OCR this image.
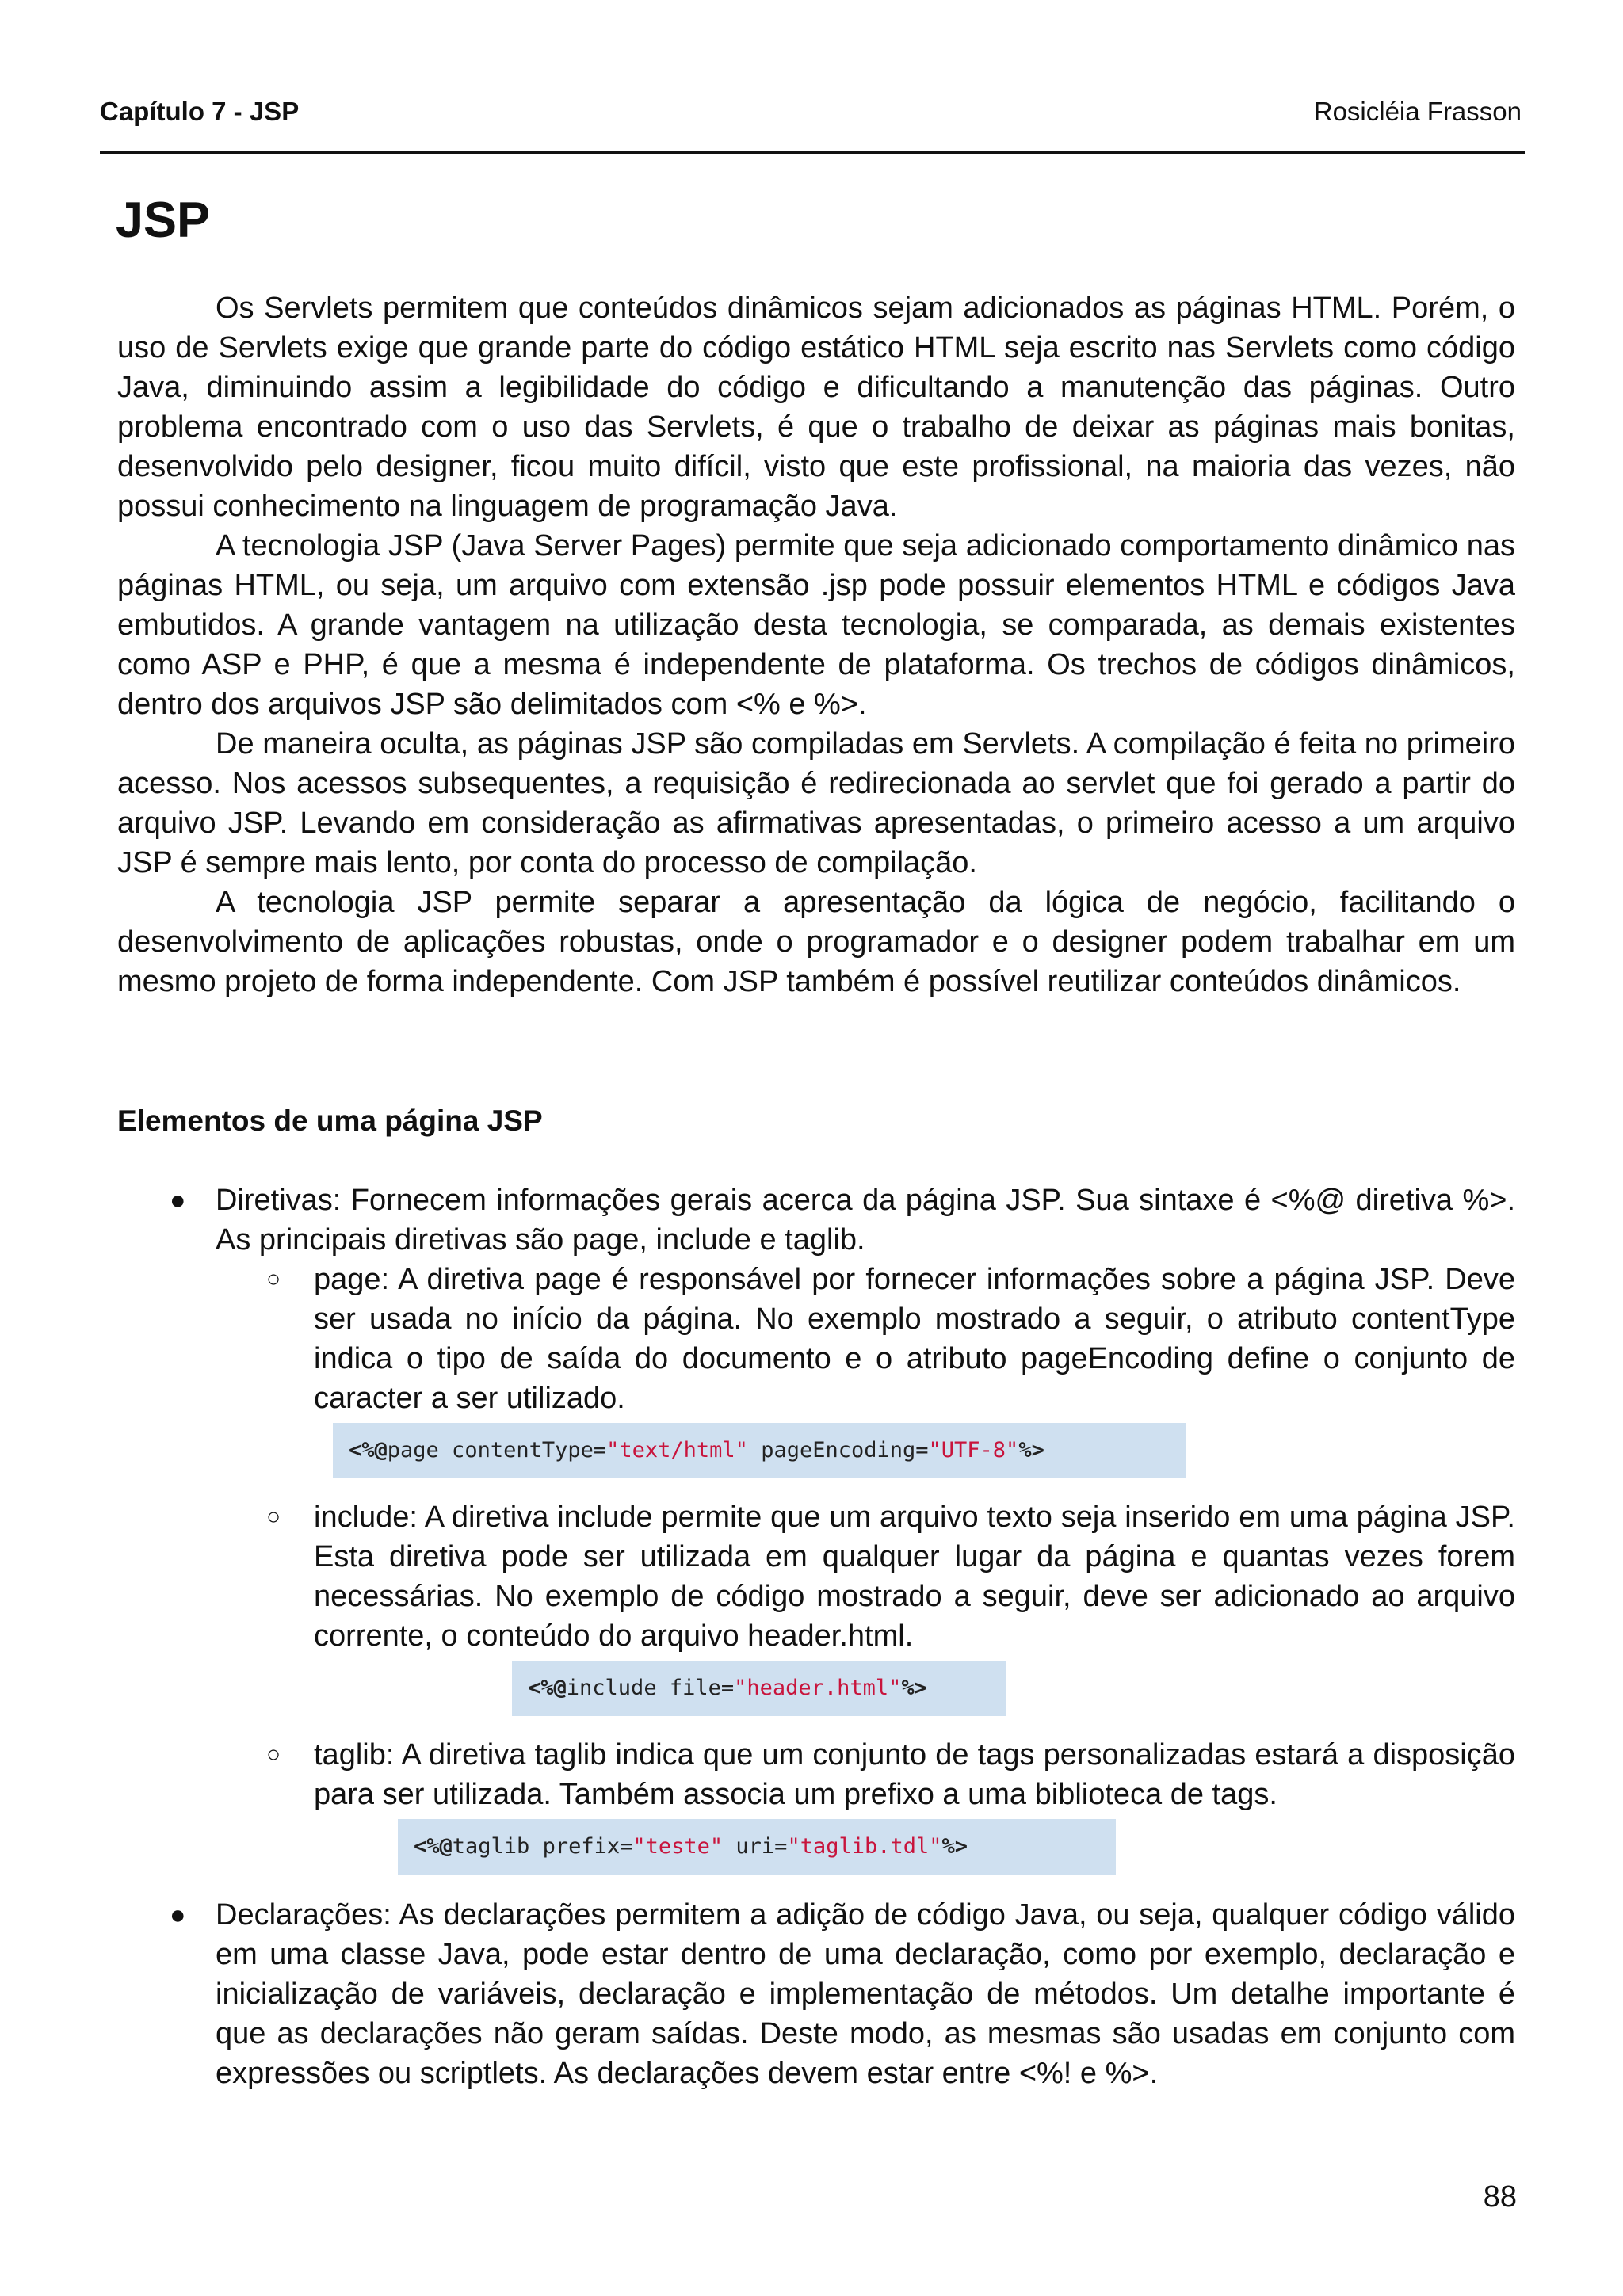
Capítulo 7 - JSP	Rosicléia Frasson
JSP

Os Servlets permitem que conteúdos dinâmicos sejam adicionados as páginas HTML. Porém, o uso de Servlets exige que grande parte do código estático HTML seja escrito nas Servlets como código Java, diminuindo assim a legibilidade do código e dificultando a manutenção das páginas. Outro problema encontrado com o uso das Servlets, é que o trabalho de deixar as páginas mais bonitas, desenvolvido pelo designer, ficou muito difícil, visto que este profissional, na maioria das vezes, não possui conhecimento na linguagem de programação Java.

A tecnologia JSP (Java Server Pages) permite que seja adicionado comportamento dinâmico nas páginas HTML, ou seja, um arquivo com extensão .jsp pode possuir elementos HTML e códigos Java embutidos. A grande vantagem na utilização desta tecnologia, se comparada, as demais existentes como ASP e PHP, é que a mesma é independente de plataforma. Os trechos de códigos dinâmicos, dentro dos arquivos JSP são delimitados com <% e %>.

De maneira oculta, as páginas JSP são compiladas em Servlets. A compilação é feita no primeiro acesso. Nos acessos subsequentes, a requisição é redirecionada ao servlet que foi gerado a partir do arquivo JSP. Levando em consideração as afirmativas apresentadas, o primeiro acesso a um arquivo JSP é sempre mais lento, por conta do processo de compilação.

A tecnologia JSP permite separar a apresentação da lógica de negócio, facilitando o desenvolvimento de aplicações robustas, onde o programador e o designer podem trabalhar em um mesmo projeto de forma independente. Com JSP também é possível reutilizar conteúdos dinâmicos.

Elementos de uma página JSP
● Diretivas: Fornecem informações gerais acerca da página JSP. Sua sintaxe é <%@ diretiva %>. As principais diretivas são page, include e taglib.
○	page: A diretiva page é responsável por fornecer informações sobre a página JSP. Deve ser usada no início da página. No exemplo mostrado a seguir, o atributo contentType indica o tipo de saída do documento e o atributo pageEncoding define o conjunto de caracter a ser utilizado.
<%@page contentType="text/html" pageEncoding="UTF-8"%>
○	include: A diretiva include permite que um arquivo texto seja inserido em uma página JSP. Esta diretiva pode ser utilizada em qualquer lugar da página e quantas vezes forem necessárias. No exemplo de código mostrado a seguir, deve ser adicionado ao arquivo corrente, o conteúdo do arquivo header.html.
<%@include file="header.html"%>
○	taglib: A diretiva taglib indica que um conjunto de tags personalizadas estará a disposição para ser utilizada. Também associa um prefixo a uma biblioteca de tags.
<%@taglib prefix="teste" uri="taglib.tdl"%>
● Declarações: As declarações permitem a adição de código Java, ou seja, qualquer código válido em uma classe Java, pode estar dentro de uma declaração, como por exemplo, declaração e inicialização de variáveis, declaração e implementação de métodos. Um detalhe importante é que as declarações não geram saídas. Deste modo, as mesmas são usadas em conjunto com expressões ou scriptlets. As declarações devem estar entre <%! e %>.
88
